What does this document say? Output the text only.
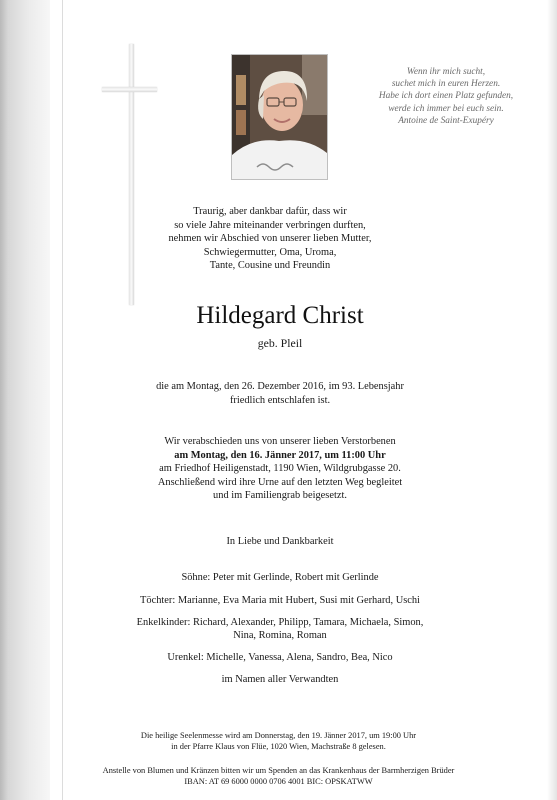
Wenn ihr mich sucht,
suchet mich in euren Herzen.
Habe ich dort einen Platz gefunden,
werde ich immer bei euch sein.
Antoine de Saint-Exupéry
Traurig, aber dankbar dafür, dass wir
so viele Jahre miteinander verbringen durften,
nehmen wir Abschied von unserer lieben Mutter,
Schwiegermutter, Oma, Uroma,
Tante, Cousine und Freundin
Hildegard Christ
geb. Pleil
die am Montag, den 26. Dezember 2016, im 93. Lebensjahr
friedlich entschlafen ist.
Wir verabschieden uns von unserer lieben Verstorbenen
am Montag, den 16. Jänner 2017, um 11:00 Uhr
am Friedhof Heiligenstadt, 1190 Wien, Wildgrubgasse 20.
Anschließend wird ihre Urne auf den letzten Weg begleitet
und im Familiengrab beigesetzt.
In Liebe und Dankbarkeit
Söhne: Peter mit Gerlinde, Robert mit Gerlinde
Töchter: Marianne, Eva Maria mit Hubert, Susi mit Gerhard, Uschi
Enkelkinder: Richard, Alexander, Philipp, Tamara, Michaela, Simon,
Nina, Romina, Roman
Urenkel: Michelle, Vanessa, Alena, Sandro, Bea, Nico
im Namen aller Verwandten
Die heilige Seelenmesse wird am Donnerstag, den 19. Jänner 2017, um 19:00 Uhr
in der Pfarre Klaus von Flüe, 1020 Wien, Machstraße 8 gelesen.
Anstelle von Blumen und Kränzen bitten wir um Spenden an das Krankenhaus der Barmherzigen Brüder
IBAN: AT 69 6000 0000 0706 4001 BIC: OPSKATWW
